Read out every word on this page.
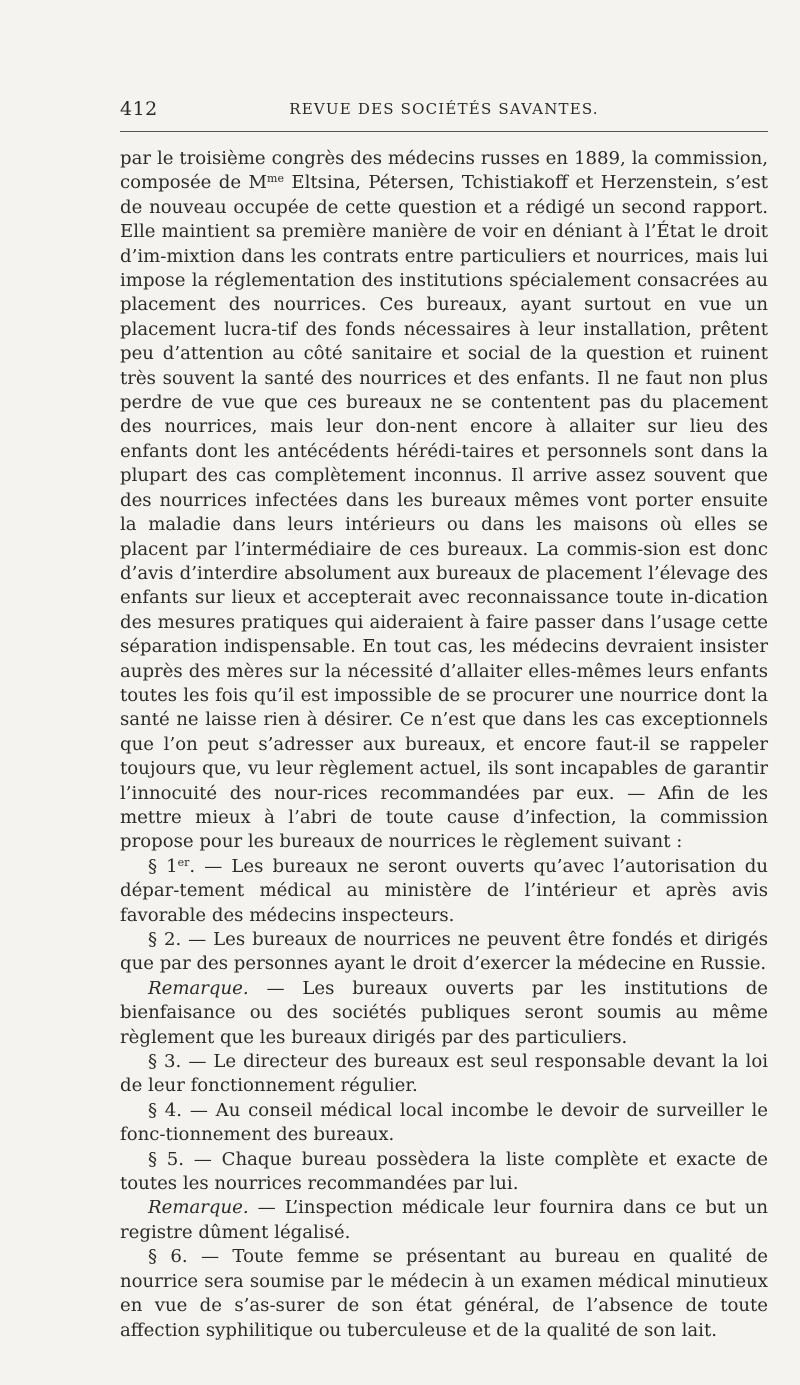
412	REVUE DES SOCIÉTÉS SAVANTES.

par le troisième congrès des médecins russes en 1889, la commission, composée de $M^{me}$ Eltsina, Pétersen, Tchistiakoff et Herzenstein, s’est de nouveau occupée de cette question et a rédigé un second rapport. Elle maintient sa première manière de voir en déniant à l’État le droit d’im-mixtion dans les contrats entre particuliers et nourrices, mais lui impose la réglementation des institutions spécialement consacrées au placement des nourrices. Ces bureaux, ayant surtout en vue un placement lucra-tif des fonds nécessaires à leur installation, prêtent peu d’attention au côté sanitaire et social de la question et ruinent très souvent la santé des nourrices et des enfants. Il ne faut non plus perdre de vue que ces bureaux ne se contentent pas du placement des nourrices, mais leur don-nent encore à allaiter sur lieu des enfants dont les antécédents hérédi-taires et personnels sont dans la plupart des cas complètement inconnus. Il arrive assez souvent que des nourrices infectées dans les bureaux mêmes vont porter ensuite la maladie dans leurs intérieurs ou dans les maisons où elles se placent par l’intermédiaire de ces bureaux. La commis-sion est donc d’avis d’interdire absolument aux bureaux de placement l’élevage des enfants sur lieux et accepterait avec reconnaissance toute in-dication des mesures pratiques qui aideraient à faire passer dans l’usage cette séparation indispensable. En tout cas, les médecins devraient insister auprès des mères sur la nécessité d’allaiter elles-mêmes leurs enfants toutes les fois qu’il est impossible de se procurer une nourrice dont la santé ne laisse rien à désirer. Ce n’est que dans les cas exceptionnels que l’on peut s’adresser aux bureaux, et encore faut-il se rappeler toujours que, vu leur règlement actuel, ils sont incapables de garantir l’innocuité des nour-rices recommandées par eux. — Afin de les mettre mieux à l’abri de toute cause d’infection, la commission propose pour les bureaux de nourrices le règlement suivant :

§ 1er. — Les bureaux ne seront ouverts qu’avec l’autorisation du dépar-tement médical au ministère de l’intérieur et après avis favorable des médecins inspecteurs.

§ 2. — Les bureaux de nourrices ne peuvent être fondés et dirigés que par des personnes ayant le droit d’exercer la médecine en Russie.

Remarque. — Les bureaux ouverts par les institutions de bienfaisance ou des sociétés publiques seront soumis au même règlement que les bureaux dirigés par des particuliers.

§ 3. — Le directeur des bureaux est seul responsable devant la loi de leur fonctionnement régulier.

§ 4. — Au conseil médical local incombe le devoir de surveiller le fonc-tionnement des bureaux.

§ 5. — Chaque bureau possèdera la liste complète et exacte de toutes les nourrices recommandées par lui.

Remarque. — L’inspection médicale leur fournira dans ce but un registre dûment légalisé.

§ 6. — Toute femme se présentant au bureau en qualité de nourrice sera soumise par le médecin à un examen médical minutieux en vue de s’as-surer de son état général, de l’absence de toute affection syphilitique ou tuberculeuse et de la qualité de son lait.
